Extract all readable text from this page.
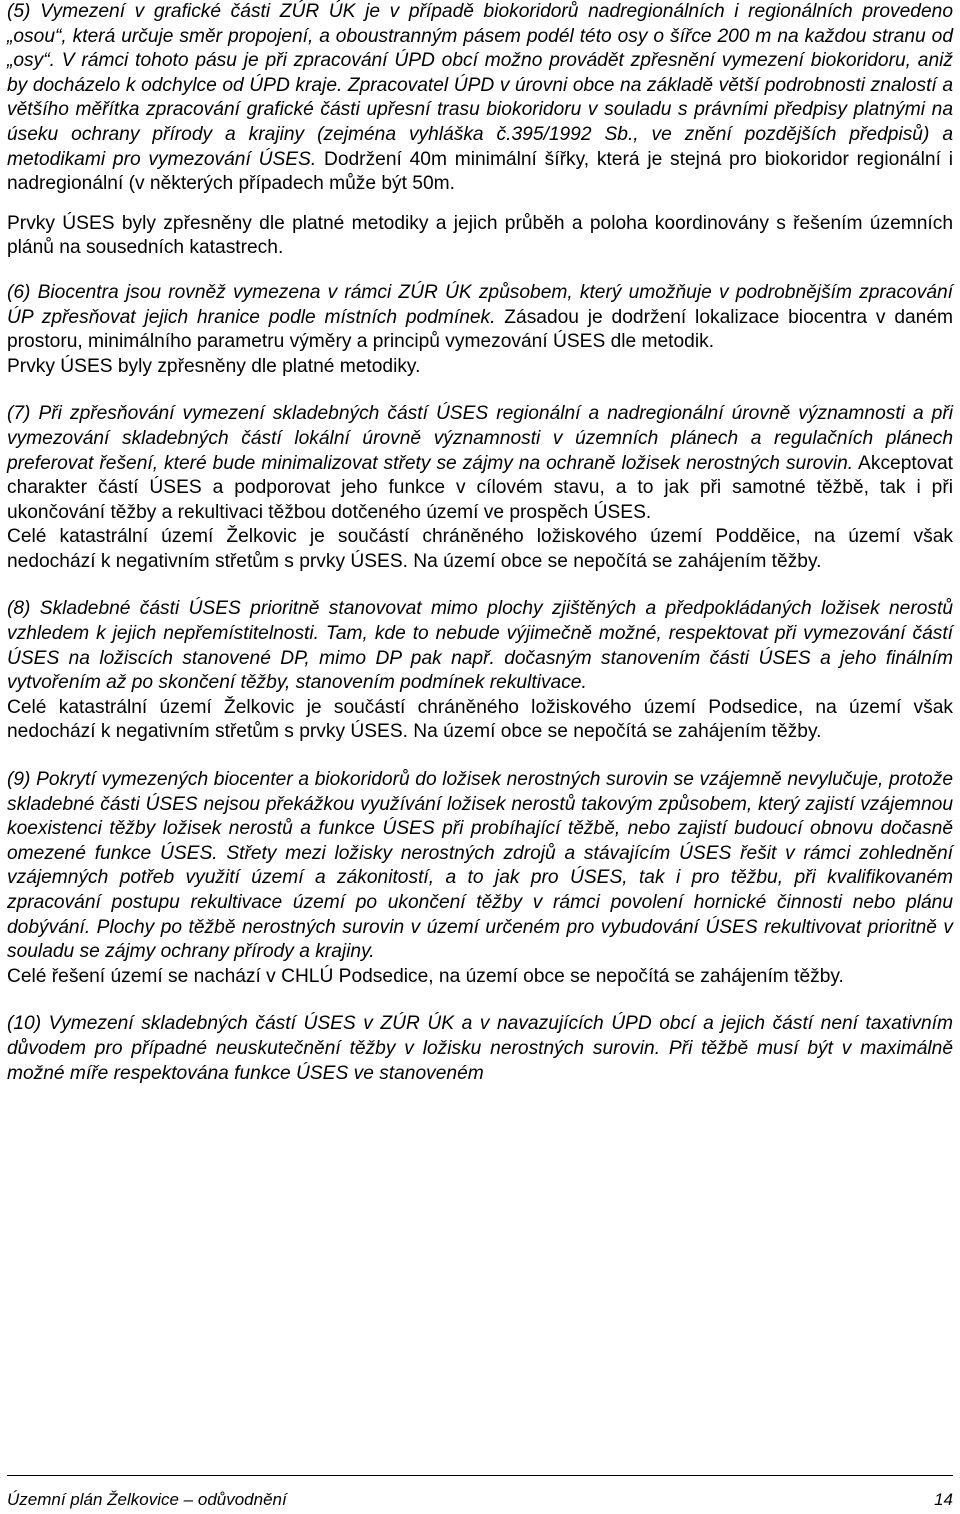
(5) Vymezení v grafické části ZÚR ÚK je v případě biokoridorů nadregionálních i regionálních provedeno „osou“, která určuje směr propojení, a oboustranným pásem podél této osy o šířce 200 m na každou stranu od „osy“. V rámci tohoto pásu je při zpracování ÚPD obcí možno provádět zpřesnění vymezení biokoridoru, aniž by docházelo k odchylce od ÚPD kraje. Zpracovatel ÚPD v úrovni obce na základě větší podrobnosti znalostí a většího měřítka zpracování grafické části upřesní trasu biokoridoru v souladu s právními předpisy platnými na úseku ochrany přírody a krajiny (zejména vyhláška č.395/1992 Sb., ve znění pozdějších předpisů) a metodikami pro vymezování ÚSES. Dodržení 40m minimální šířky, která je stejná pro biokoridor regionální i nadregionální (v některých případech může být 50m.

Prvky ÚSES byly zpřesněny dle platné metodiky a jejich průběh a poloha koordinovány s řešením územních plánů na sousedních katastrech.

(6) Biocentra jsou rovněž vymezena v rámci ZÚR ÚK způsobem, který umožňuje v podrobnějším zpracování ÚP zpřesňovat jejich hranice podle místních podmínek. Zásadou je dodržení lokalizace biocentra v daném prostoru, minimálního parametru výměry a principů vymezování ÚSES dle metodik.

Prvky ÚSES byly zpřesněny dle platné metodiky.

(7) Při zpřesňování vymezení skladebných částí ÚSES regionální a nadregionální úrovně významnosti a při vymezování skladebných částí lokální úrovně významnosti v územních plánech a regulačních plánech preferovat řešení, které bude minimalizovat střety se zájmy na ochraně ložisek nerostných surovin. Akceptovat charakter částí ÚSES a podporovat jeho funkce v cílovém stavu, a to jak při samotné těžbě, tak i při ukončování těžby a rekultivaci těžbou dotčeného území ve prospěch ÚSES.

Celé katastrální území Želkovic je součástí chráněného ložiskového území Podděice, na území však nedochází k negativním střetům s prvky ÚSES. Na území obce se nepočítá se zahájením těžby.

(8) Skladebné části ÚSES prioritně stanovovat mimo plochy zjištěných a předpokládaných ložisek nerostů vzhledem k jejich nepřemístitelnosti. Tam, kde to nebude výjimečně možné, respektovat při vymezování částí ÚSES na ložiscích stanovené DP, mimo DP pak např. dočasným stanovením části ÚSES a jeho finálním vytvořením až po skončení těžby, stanovením podmínek rekultivace.

Celé katastrální území Želkovic je součástí chráněného ložiskového území Podsedice, na území však nedochází k negativním střetům s prvky ÚSES. Na území obce se nepočítá se zahájením těžby.

(9) Pokrytí vymezených biocenter a biokoridorů do ložisek nerostných surovin se vzájemně nevylučuje, protože skladebné části ÚSES nejsou překážkou využívání ložisek nerostů takovým způsobem, který zajistí vzájemnou koexistenci těžby ložisek nerostů a funkce ÚSES při probíhající těžbě, nebo zajistí budoucí obnovu dočasně omezené funkce ÚSES. Střety mezi ložisky nerostných zdrojů a stávajícím ÚSES řešit v rámci zohlednění vzájemných potřeb využití území a zákonitostí, a to jak pro ÚSES, tak i pro těžbu, při kvalifikovaném zpracování postupu rekultivace území po ukončení těžby v rámci povolení hornické činnosti nebo plánu dobývání. Plochy po těžbě nerostných surovin v území určeném pro vybudování ÚSES rekultivovat prioritně v souladu se zájmy ochrany přírody a krajiny.

Celé řešení území se nachází v CHLÚ Podsedice, na území obce se nepočítá se zahájením těžby.

(10) Vymezení skladebných částí ÚSES v ZÚR ÚK a v navazujících ÚPD obcí a jejich částí není taxativním důvodem pro případné neuskutečnění těžby v ložisku nerostných surovin. Při těžbě musí být v maximálně možné míře respektována funkce ÚSES ve stanoveném

Územní plán Želkovice – odůvodnění	14
